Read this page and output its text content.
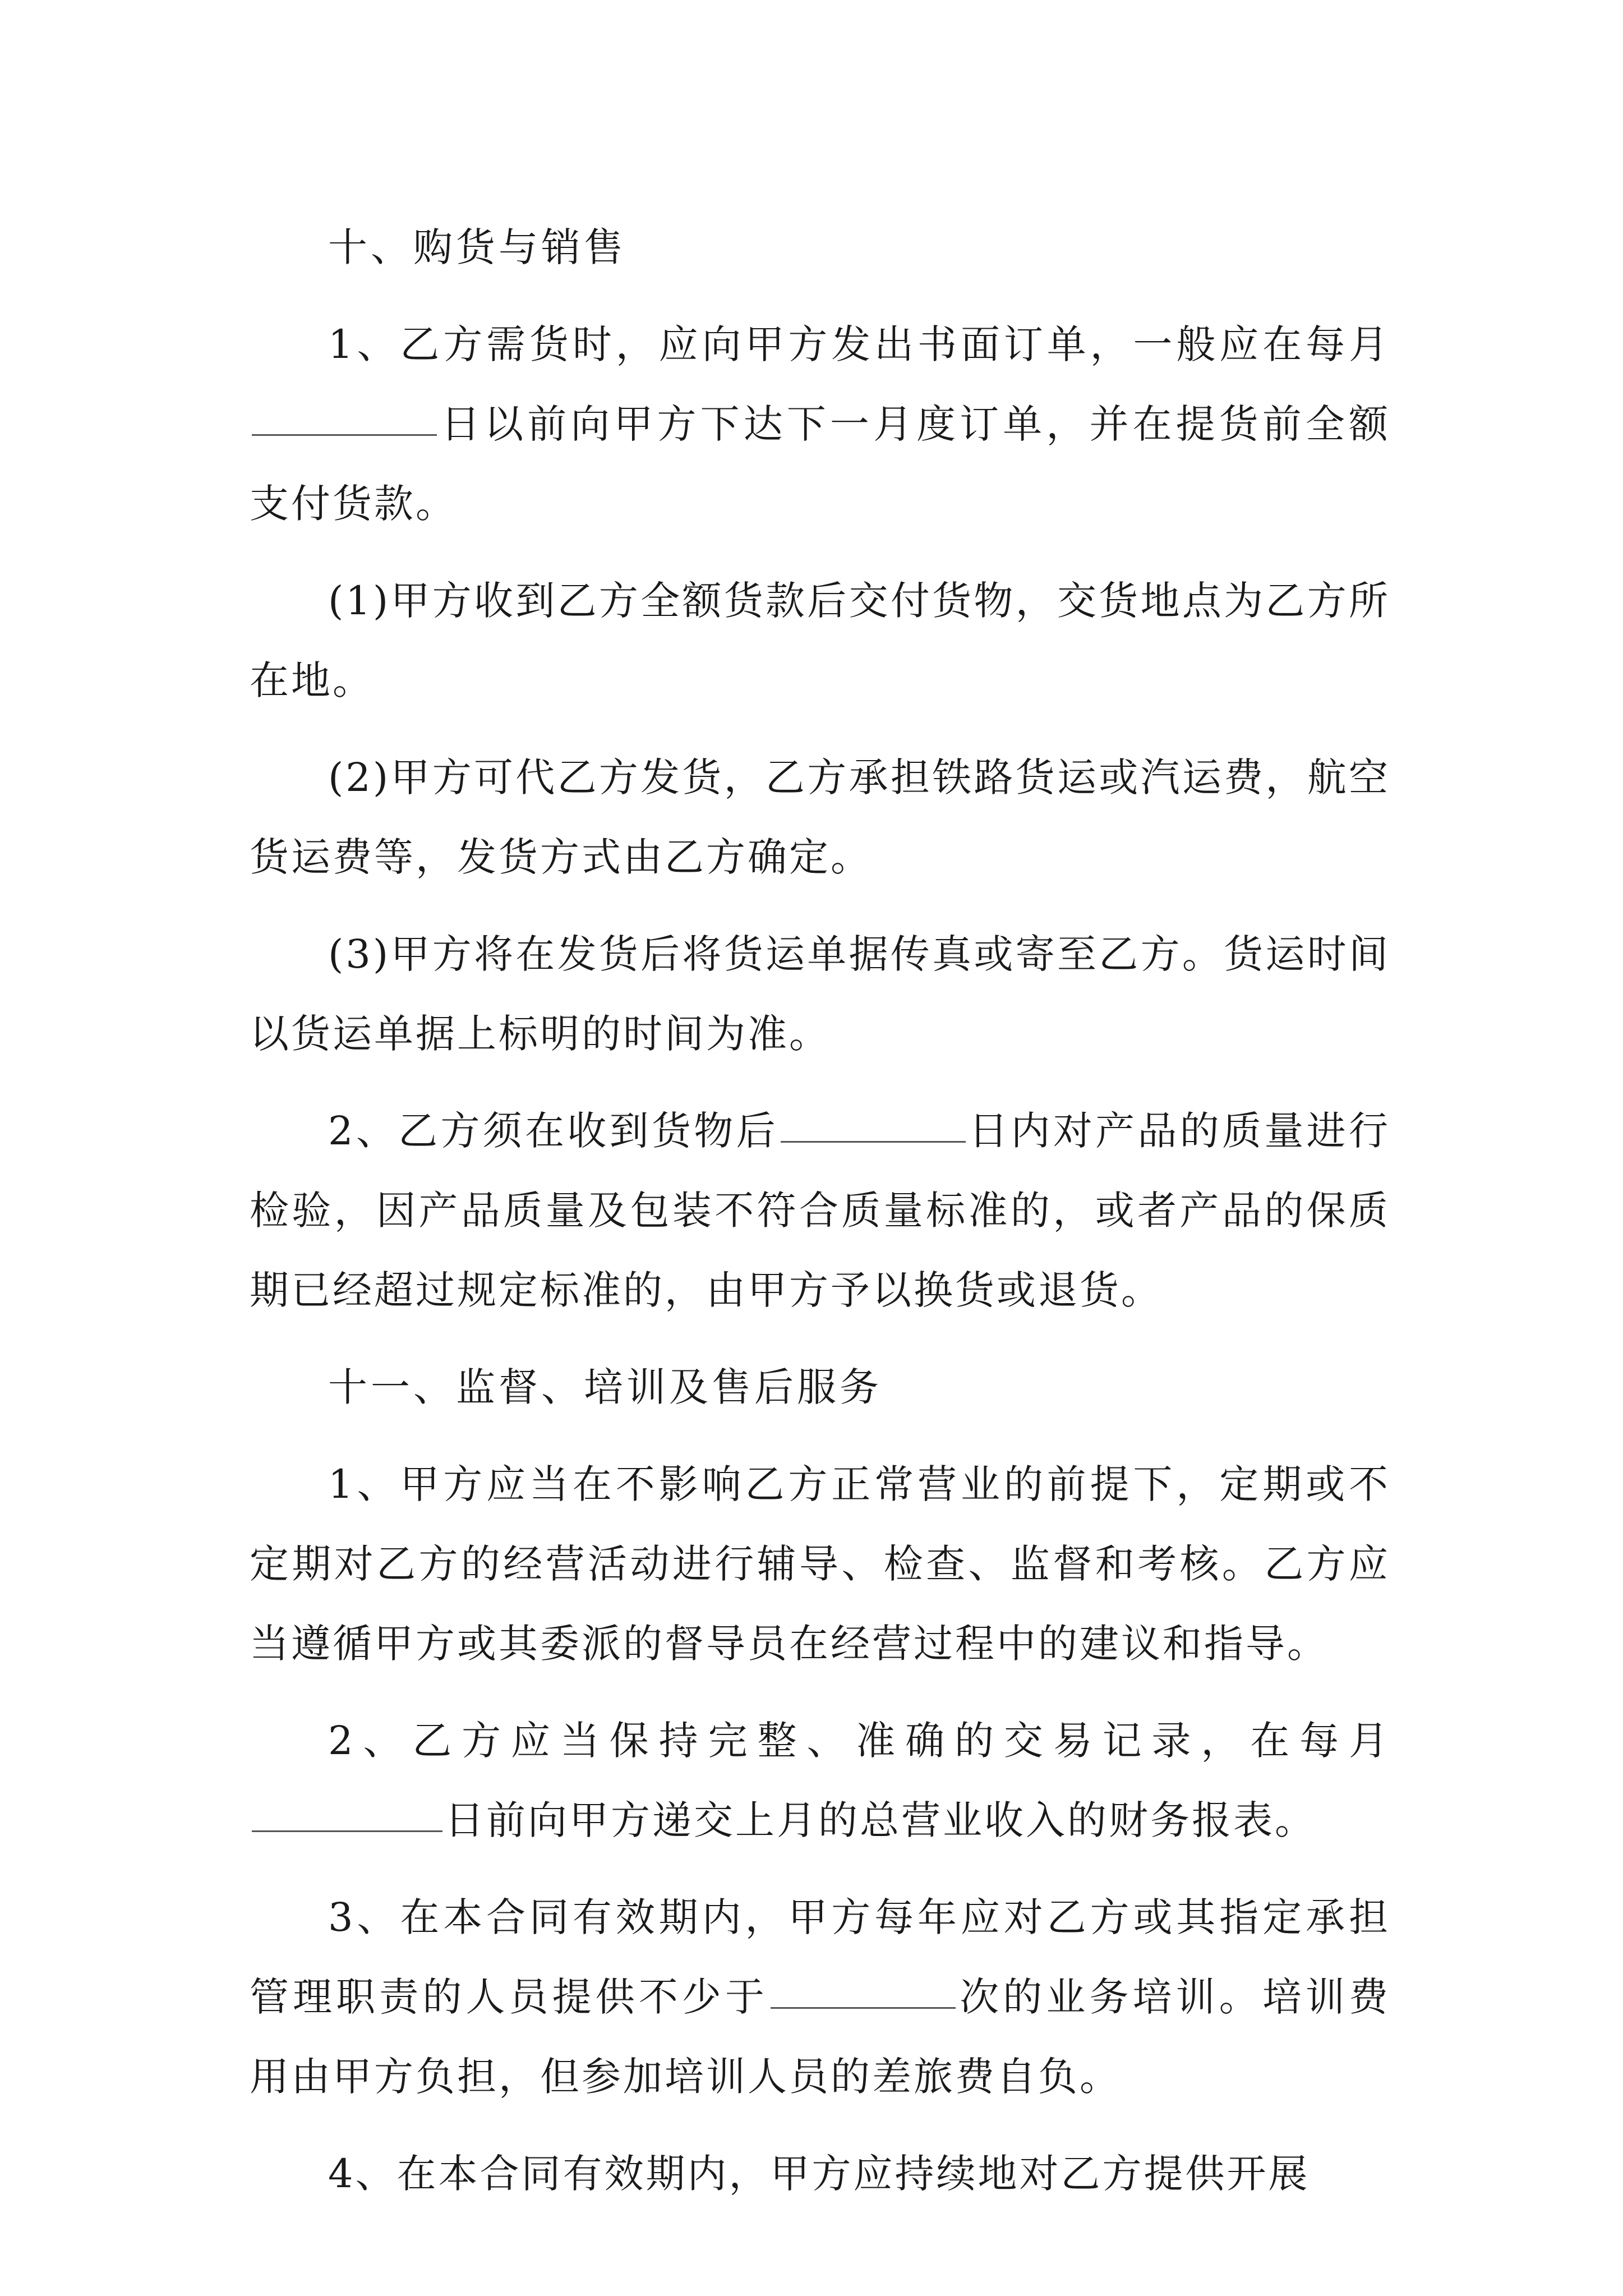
十、购货与销售

1、乙方需货时，应向甲方发出书面订单，一般应在每月日以前向甲方下达下一月度订单，并在提货前全额支付货款。

(1)甲方收到乙方全额货款后交付货物，交货地点为乙方所在地。

(2)甲方可代乙方发货，乙方承担铁路货运或汽运费，航空货运费等，发货方式由乙方确定。

(3)甲方将在发货后将货运单据传真或寄至乙方。货运时间以货运单据上标明的时间为准。

2、乙方须在收到货物后	日内对产品的质量进行检验，因产品质量及包装不符合质量标准的，或者产品的保质期已经超过规定标准的，由甲方予以换货或退货。

十一、监督、培训及售后服务

1、甲方应当在不影响乙方正常营业的前提下，定期或不定期对乙方的经营活动进行辅导、检查、监督和考核。乙方应当遵循甲方或其委派的督导员在经营过程中的建议和指导。

2、乙方应当保持完整、准确的交易记录，在每月日前向甲方递交上月的总营业收入的财务报表。

3、在本合同有效期内，甲方每年应对乙方或其指定承担管理职责的人员提供不少于	次的业务培训。培训费用由甲方负担，但参加培训人员的差旅费自负。

4、在本合同有效期内，甲方应持续地对乙方提供开展
